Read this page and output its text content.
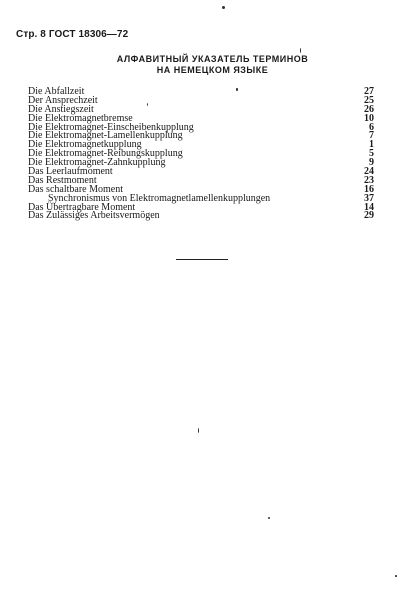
Стр. 8 ГОСТ 18306—72
АЛФАВИТНЫЙ УКАЗАТЕЛЬ ТЕРМИНОВ
НА НЕМЕЦКОМ ЯЗЫКЕ
Die Abfallzeit	27
Der Ansprechzeit	25
Die Anstiegszeit	26
Die Elektromagnetbremse	10
Die Elektromagnet-Einscheibenkupplung	6
Die Elektromagnet-Lamellenkupplung	7
Die Elektromagnetkupplung	1
Die Elektromagnet-Reibungskupplung	5
Die Elektromagnet-Zahnkupplung	9
Das Leerlaufmoment	24
Das Restmoment	23
Das schaltbare Moment	16
Synchronismus von Elektromagnetlamellenkupplungen	37
Das Übertragbare Moment	14
Das Zulässiges Arbeitsvermögen	29
